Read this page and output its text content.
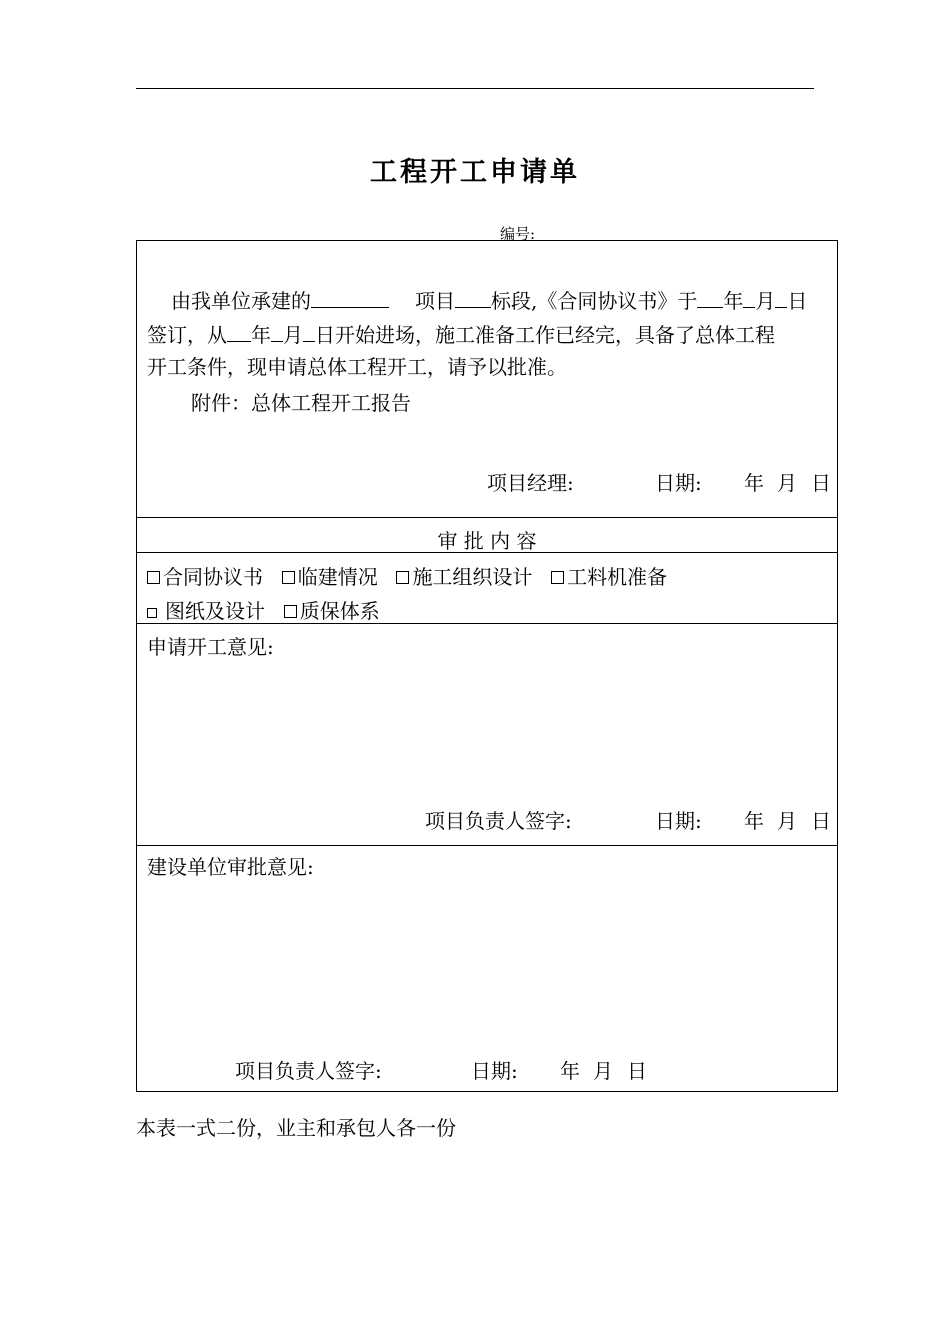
工程开工申请单
编号:
由我单位承建的	项目 标段,《合同协议书》于 年 月 日
签订，从 年 月 日开始进场，施工准备工作已经完，具备了总体工程
开工条件，现申请总体工程开工，请予以批准。
附件：总体工程开工报告
项目经理:	日期: 年 月 日
审 批 内 容
合同协议书 临建情况 施工组织设计 工料机准备
图纸及设计 质保体系
申请开工意见:
项目负责人签字:	日期: 年 月 日
建设单位审批意见:
项目负责人签字:	日期: 年 月 日
本表一式二份，业主和承包人各一份
